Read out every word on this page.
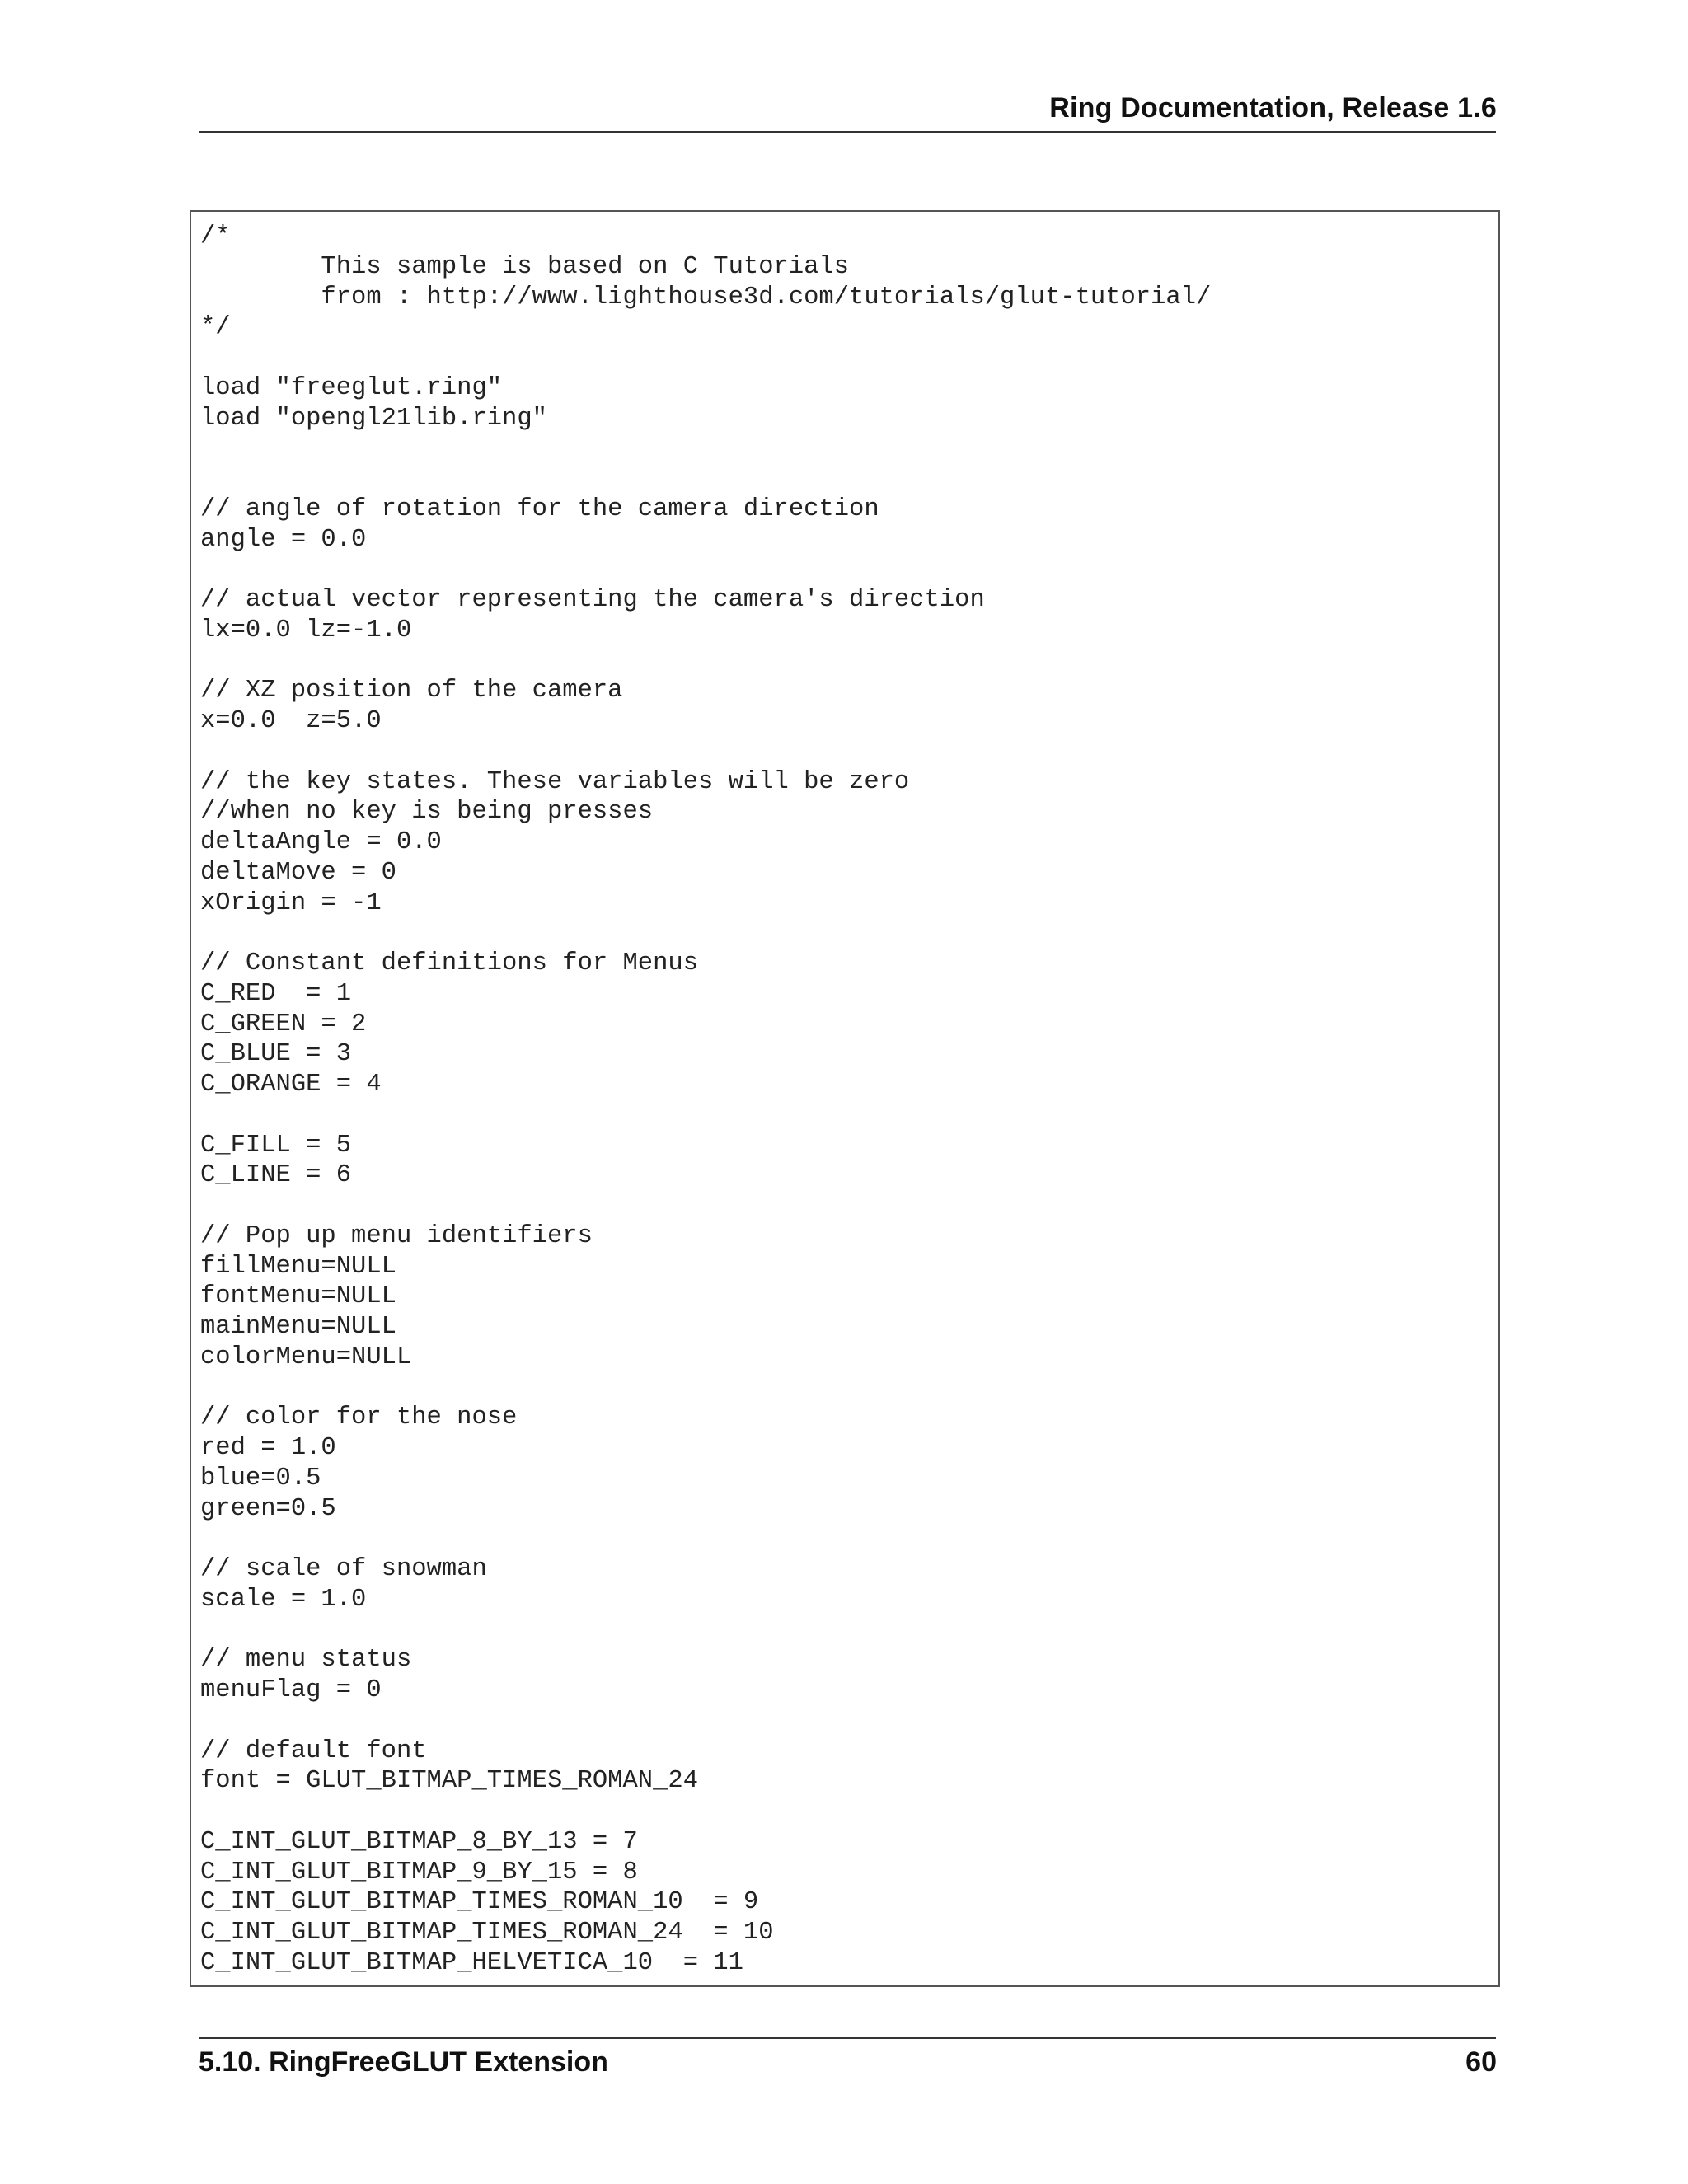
Ring Documentation, Release 1.6
/*
This sample is based on C Tutorials
from : http://www.lighthouse3d.com/tutorials/glut-tutorial/
*/

load "freeglut.ring"
load "opengl21lib.ring"

// angle of rotation for the camera direction
angle = 0.0

// actual vector representing the camera's direction
lx=0.0 lz=-1.0

// XZ position of the camera
x=0.0  z=5.0

// the key states. These variables will be zero
//when no key is being presses
deltaAngle = 0.0
deltaMove = 0
xOrigin = -1

// Constant definitions for Menus
C_RED  = 1
C_GREEN = 2
C_BLUE = 3
C_ORANGE = 4

C_FILL = 5
C_LINE = 6

// Pop up menu identifiers
fillMenu=NULL
fontMenu=NULL
mainMenu=NULL
colorMenu=NULL

// color for the nose
red = 1.0
blue=0.5
green=0.5

// scale of snowman
scale = 1.0

// menu status
menuFlag = 0

// default font
font = GLUT_BITMAP_TIMES_ROMAN_24

C_INT_GLUT_BITMAP_8_BY_13 = 7
C_INT_GLUT_BITMAP_9_BY_15 = 8
C_INT_GLUT_BITMAP_TIMES_ROMAN_10  = 9
C_INT_GLUT_BITMAP_TIMES_ROMAN_24  = 10
C_INT_GLUT_BITMAP_HELVETICA_10  = 11
5.10. RingFreeGLUT Extension	60
